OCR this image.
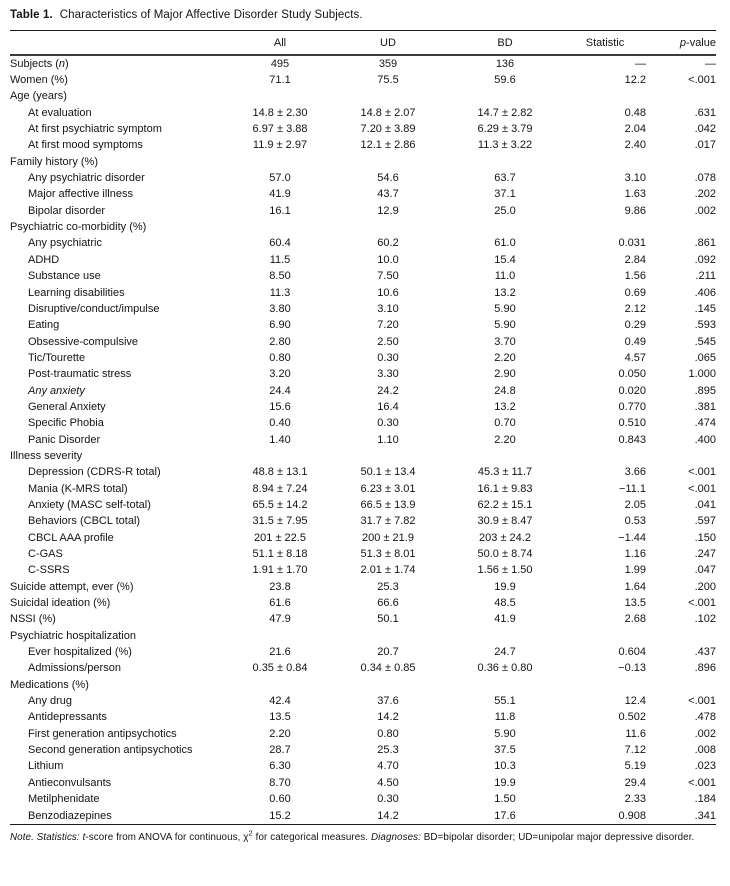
Table 1. Characteristics of Major Affective Disorder Study Subjects.
	All	UD	BD	Statistic	p-value
Subjects (n)	495	359	136	—	—
Women (%)	71.1	75.5	59.6	12.2	<.001
Age (years)					
At evaluation	14.8 ± 2.30	14.8 ± 2.07	14.7 ± 2.82	0.48	.631
At first psychiatric symptom	6.97 ± 3.88	7.20 ± 3.89	6.29 ± 3.79	2.04	.042
At first mood symptoms	11.9 ± 2.97	12.1 ± 2.86	11.3 ± 3.22	2.40	.017
Family history (%)					
Any psychiatric disorder	57.0	54.6	63.7	3.10	.078
Major affective illness	41.9	43.7	37.1	1.63	.202
Bipolar disorder	16.1	12.9	25.0	9.86	.002
Psychiatric co-morbidity (%)					
Any psychiatric	60.4	60.2	61.0	0.031	.861
ADHD	11.5	10.0	15.4	2.84	.092
Substance use	8.50	7.50	11.0	1.56	.211
Learning disabilities	11.3	10.6	13.2	0.69	.406
Disruptive/conduct/impulse	3.80	3.10	5.90	2.12	.145
Eating	6.90	7.20	5.90	0.29	.593
Obsessive-compulsive	2.80	2.50	3.70	0.49	.545
Tic/Tourette	0.80	0.30	2.20	4.57	.065
Post-traumatic stress	3.20	3.30	2.90	0.050	1.000
Any anxiety	24.4	24.2	24.8	0.020	.895
General Anxiety	15.6	16.4	13.2	0.770	.381
Specific Phobia	0.40	0.30	0.70	0.510	.474
Panic Disorder	1.40	1.10	2.20	0.843	.400
Illness severity					
Depression (CDRS-R total)	48.8 ± 13.1	50.1 ± 13.4	45.3 ± 11.7	3.66	<.001
Mania (K-MRS total)	8.94 ± 7.24	6.23 ± 3.01	16.1 ± 9.83	−11.1	<.001
Anxiety (MASC self-total)	65.5 ± 14.2	66.5 ± 13.9	62.2 ± 15.1	2.05	.041
Behaviors (CBCL total)	31.5 ± 7.95	31.7 ± 7.82	30.9 ± 8.47	0.53	.597
CBCL AAA profile	201 ± 22.5	200 ± 21.9	203 ± 24.2	−1.44	.150
C-GAS	51.1 ± 8.18	51.3 ± 8.01	50.0 ± 8.74	1.16	.247
C-SSRS	1.91 ± 1.70	2.01 ± 1.74	1.56 ± 1.50	1.99	.047
Suicide attempt, ever (%)	23.8	25.3	19.9	1.64	.200
Suicidal ideation (%)	61.6	66.6	48.5	13.5	<.001
NSSI (%)	47.9	50.1	41.9	2.68	.102
Psychiatric hospitalization					
Ever hospitalized (%)	21.6	20.7	24.7	0.604	.437
Admissions/person	0.35 ± 0.84	0.34 ± 0.85	0.36 ± 0.80	−0.13	.896
Medications (%)					
Any drug	42.4	37.6	55.1	12.4	<.001
Antidepressants	13.5	14.2	11.8	0.502	.478
First generation antipsychotics	2.20	0.80	5.90	11.6	.002
Second generation antipsychotics	28.7	25.3	37.5	7.12	.008
Lithium	6.30	4.70	10.3	5.19	.023
Antieconvulsants	8.70	4.50	19.9	29.4	<.001
Metilphenidate	0.60	0.30	1.50	2.33	.184
Benzodiazepines	15.2	14.2	17.6	0.908	.341
Note. Statistics: t-score from ANOVA for continuous, $\chi^2$ for categorical measures. Diagnoses: BD=bipolar disorder; UD=unipolar major depressive disorder.
